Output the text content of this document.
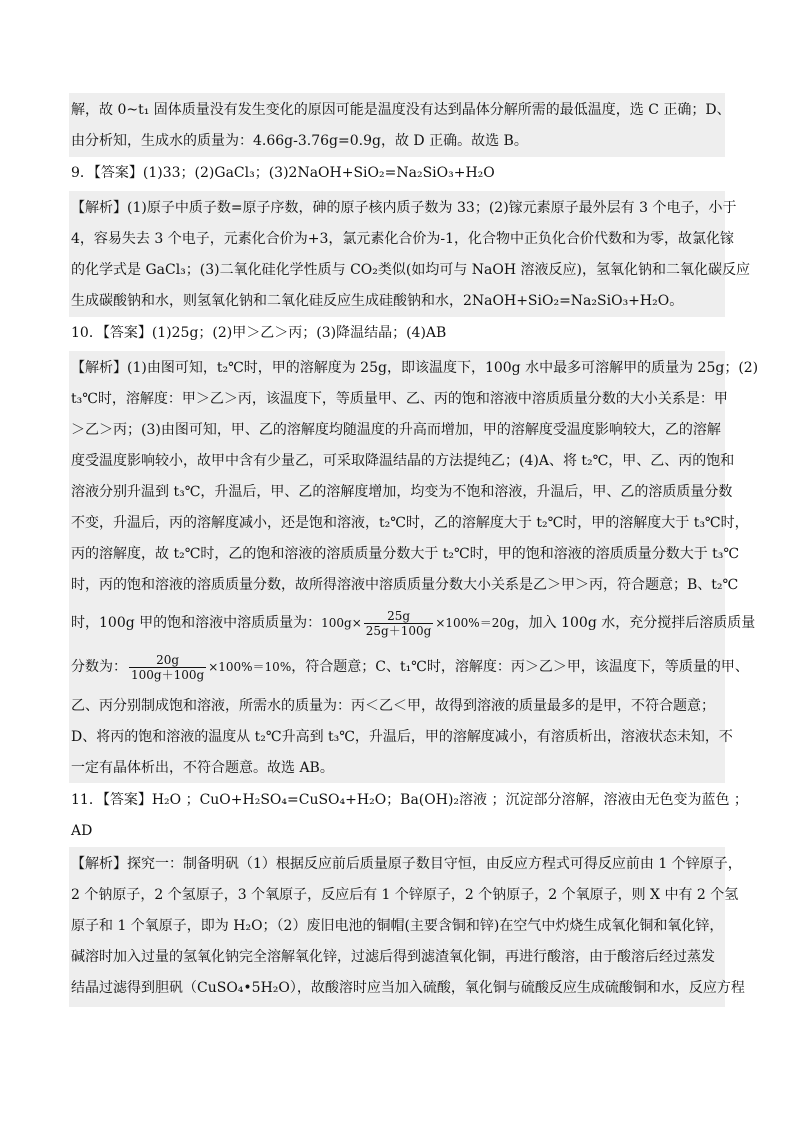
解，故 0~t₁ 固体质量没有发生变化的原因可能是温度没有达到晶体分解所需的最低温度，选 C 正确；D、
由分析知，生成水的质量为：4.66g-3.76g=0.9g，故 D 正确。故选 B。
9．【答案】(1)33；(2)GaCl₃；(3)2NaOH+SiO₂=Na₂SiO₃+H₂O
【解析】(1)原子中质子数=原子序数，砷的原子核内质子数为 33；(2)镓元素原子最外层有 3 个电子，小于
4，容易失去 3 个电子，元素化合价为+3，氯元素化合价为-1，化合物中正负化合价代数和为零，故氯化镓
的化学式是 GaCl₃；(3)二氧化硅化学性质与 CO₂类似(如均可与 NaOH 溶液反应)，氢氧化钠和二氧化碳反应
生成碳酸钠和水，则氢氧化钠和二氧化硅反应生成硅酸钠和水，2NaOH+SiO₂=Na₂SiO₃+H₂O。
10．【答案】(1)25g；(2)甲＞乙＞丙；(3)降温结晶；(4)AB
【解析】(1)由图可知，t₂℃时，甲的溶解度为 25g，即该温度下，100g 水中最多可溶解甲的质量为 25g；(2)
t₃℃时，溶解度：甲＞乙＞丙，该温度下，等质量甲、乙、丙的饱和溶液中溶质质量分数的大小关系是：甲
＞乙＞丙；(3)由图可知，甲、乙的溶解度均随温度的升高而增加，甲的溶解度受温度影响较大，乙的溶解
度受温度影响较小，故甲中含有少量乙，可采取降温结晶的方法提纯乙；(4)A、将 t₂℃，甲、乙、丙的饱和
溶液分别升温到 t₃℃，升温后，甲、乙的溶解度增加，均变为不饱和溶液，升温后，甲、乙的溶质质量分数
不变，升温后，丙的溶解度减小，还是饱和溶液，t₂℃时，乙的溶解度大于 t₂℃时，甲的溶解度大于 t₃℃时，
丙的溶解度，故 t₂℃时，乙的饱和溶液的溶质质量分数大于 t₂℃时，甲的饱和溶液的溶质质量分数大于 t₃℃
时，丙的饱和溶液的溶质质量分数，故所得溶液中溶质质量分数大小关系是乙＞甲＞丙，符合题意；B、t₂℃
时，100g 甲的饱和溶液中溶质质量为：$100g\times \frac{25g}{25g+100g} \times 100\%=20g$，加入 100g 水，充分搅拌后溶质质量
分数为： $\frac{20g}{100g+100g} \times 100\%=10\%$，符合题意；C、t₁℃时，溶解度：丙＞乙＞甲，该温度下，等质量的甲、
乙、丙分别制成饱和溶液，所需水的质量为：丙＜乙＜甲，故得到溶液的质量最多的是甲，不符合题意；
D、将丙的饱和溶液的温度从 t₂℃升高到 t₃℃，升温后，甲的溶解度减小，有溶质析出，溶液状态未知，不
一定有晶体析出，不符合题意。故选 AB。
11．【答案】H₂O ；CuO+H₂SO₄=CuSO₄+H₂O；Ba(OH)₂溶液 ；沉淀部分溶解，溶液由无色变为蓝色 ；
AD
【解析】探究一：制备明矾（1）根据反应前后质量原子数目守恒，由反应方程式可得反应前由 1 个锌原子，
2 个钠原子，2 个氢原子，3 个氧原子，反应后有 1 个锌原子，2 个钠原子，2 个氧原子，则 X 中有 2 个氢
原子和 1 个氧原子，即为 H₂O；（2）废旧电池的铜帽(主要含铜和锌)在空气中灼烧生成氧化铜和氧化锌，
碱溶时加入过量的氢氧化钠完全溶解氧化锌，过滤后得到滤渣氧化铜，再进行酸溶，由于酸溶后经过蒸发
结晶过滤得到胆矾（CuSO₄•5H₂O），故酸溶时应当加入硫酸，氧化铜与硫酸反应生成硫酸铜和水，反应方程
